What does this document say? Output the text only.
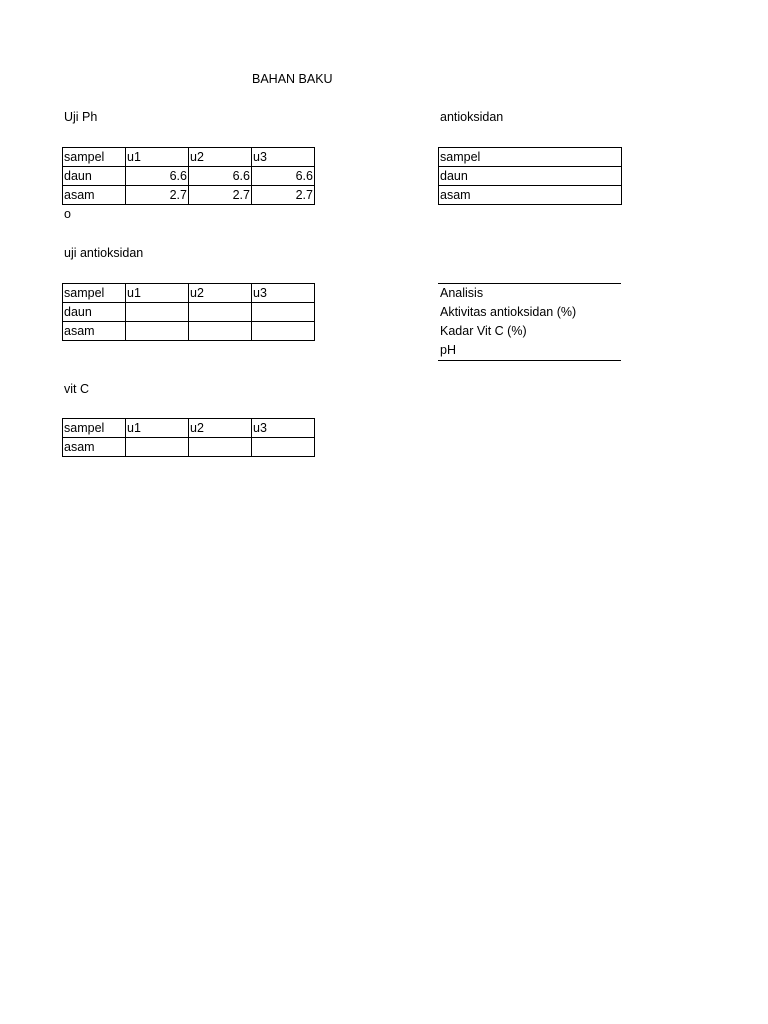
BAHAN BAKU
Uji Ph
sampel	u1	u2	u3
daun	6.6	6.6	6.6
asam	2.7	2.7	2.7
o
uji antioksidan
sampel	u1	u2	u3
daun			
asam			
vit C
sampel	u1	u2	u3
asam			
antioksidan
sampel
daun
asam
Analisis
Aktivitas antioksidan (%)
Kadar Vit C (%)
pH
